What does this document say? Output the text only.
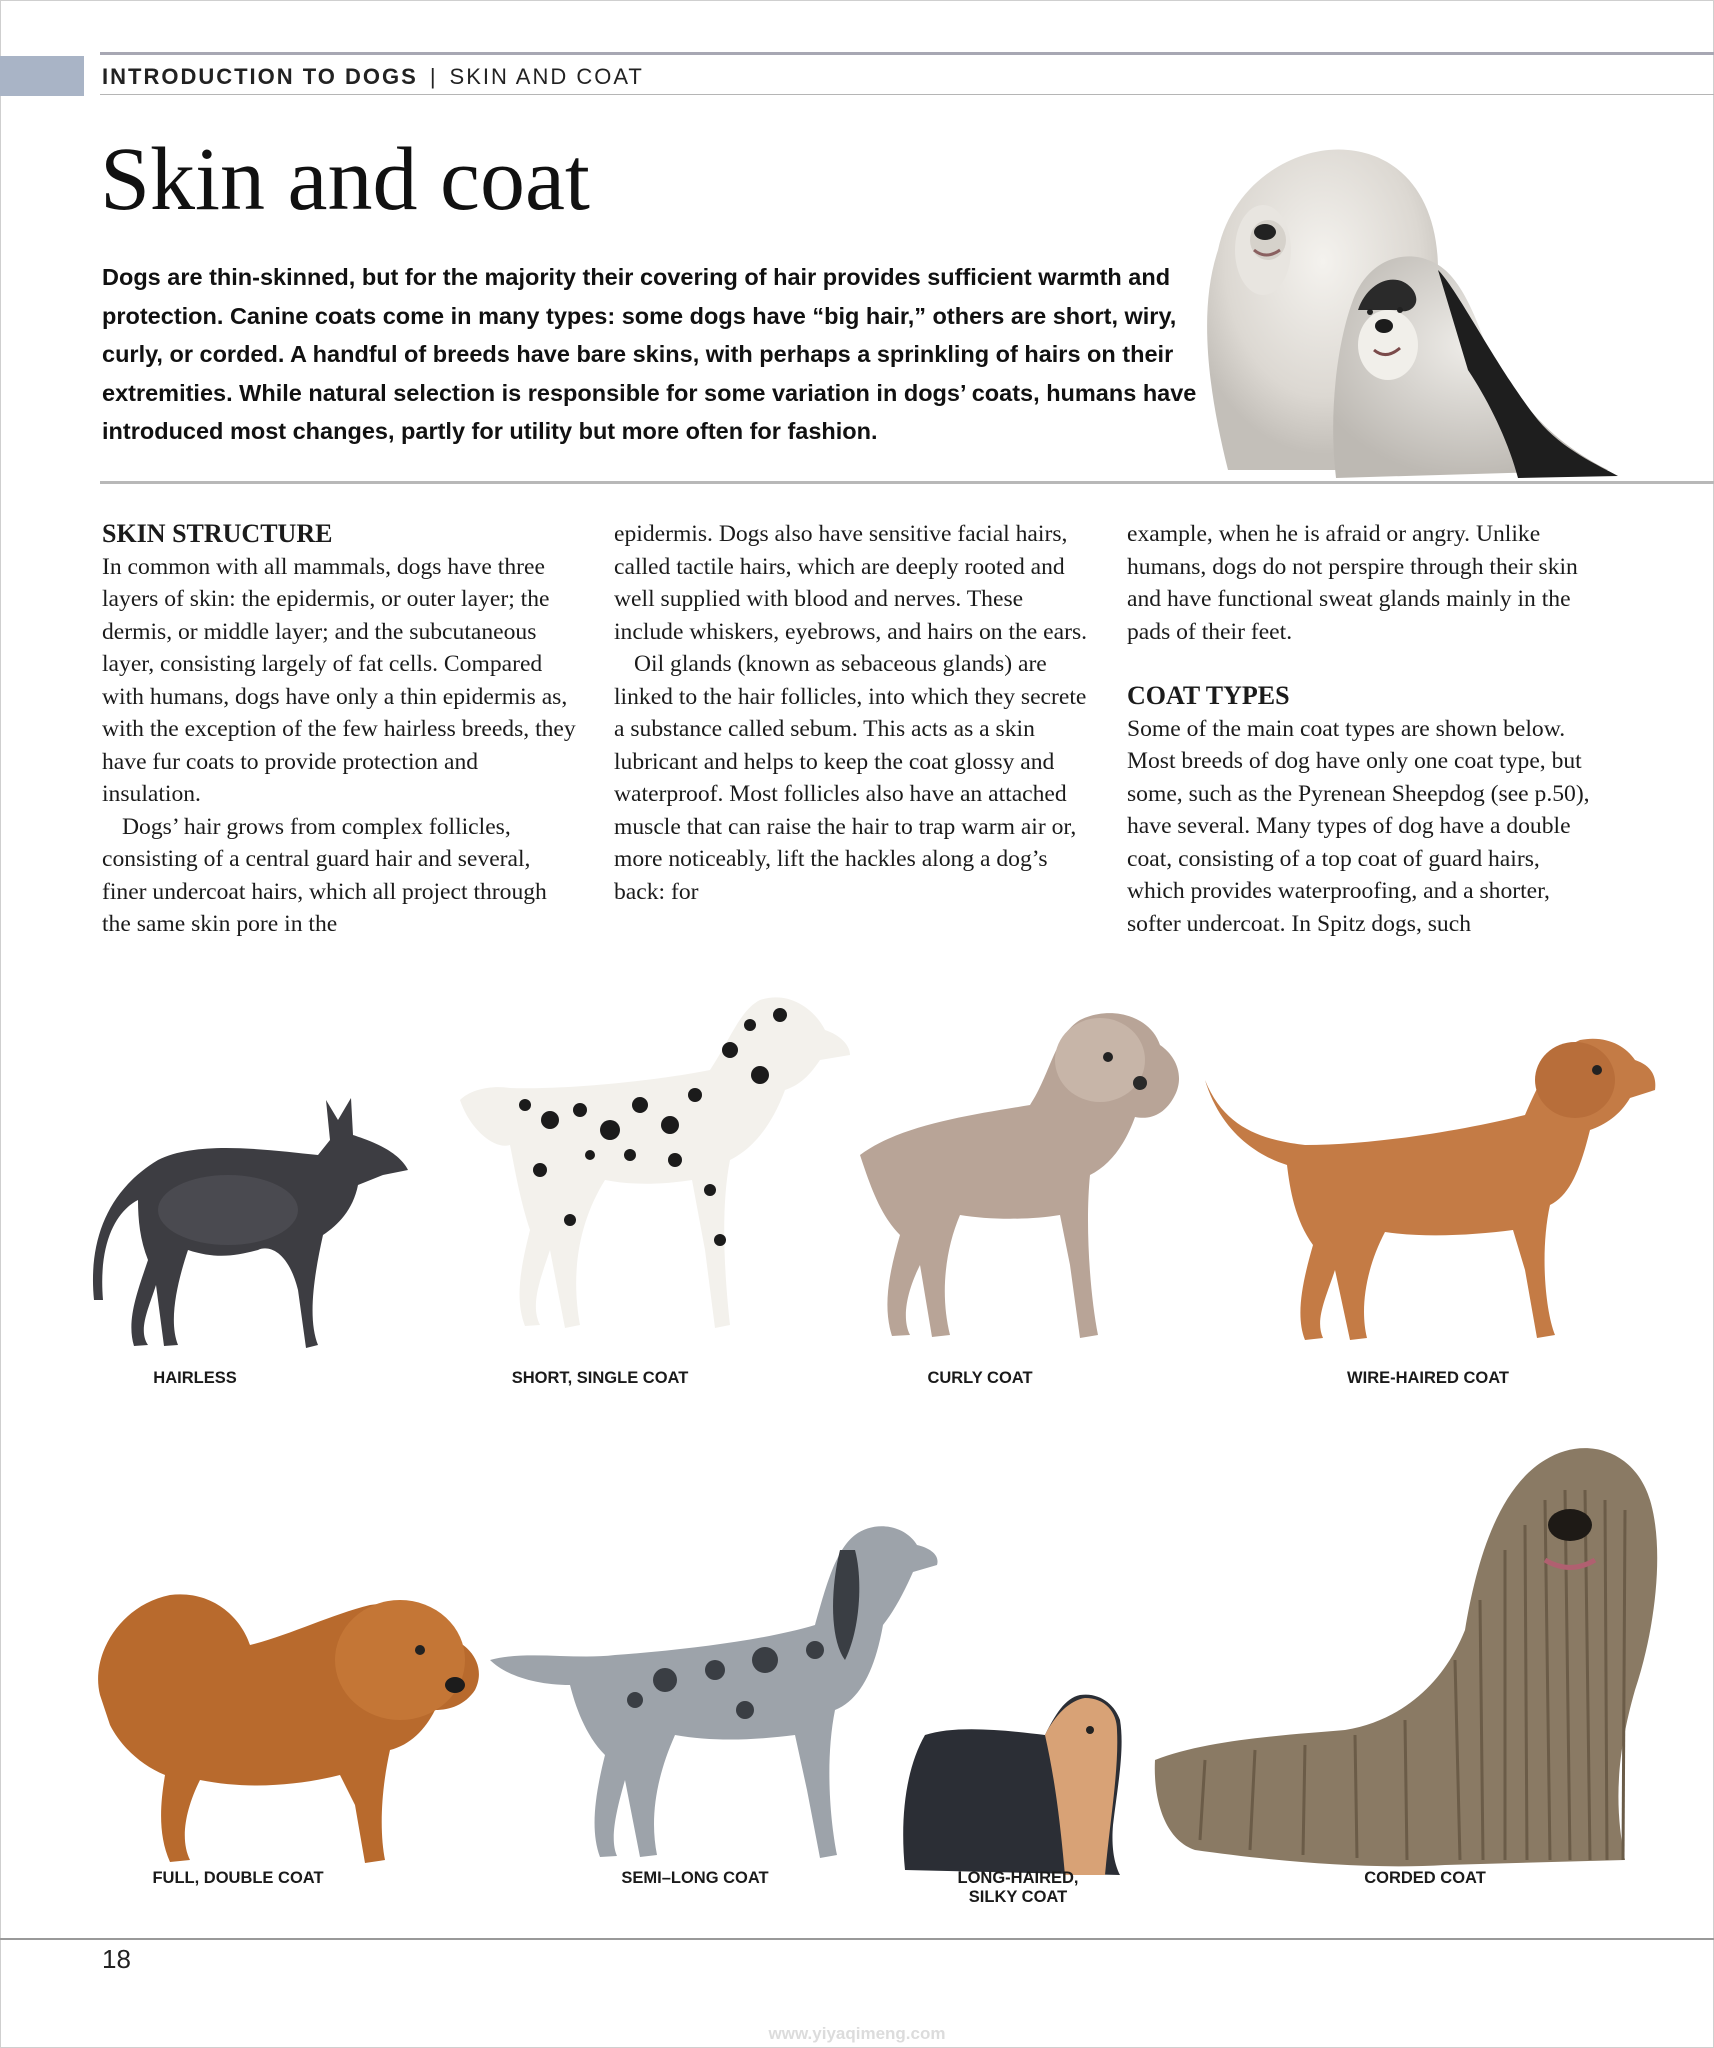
INTRODUCTION TO DOGS | SKIN AND COAT
Skin and coat

Dogs are thin-skinned, but for the majority their covering of hair provides sufficient warmth and protection. Canine coats come in many types: some dogs have “big hair,” others are short, wiry, curly, or corded. A handful of breeds have bare skins, with perhaps a sprinkling of hairs on their extremities. While natural selection is responsible for some variation in dogs’ coats, humans have introduced most changes, partly for utility but more often for fashion.

SKIN STRUCTURE

In common with all mammals, dogs have three layers of skin: the epidermis, or outer layer; the dermis, or middle layer; and the subcutaneous layer, consisting largely of fat cells. Compared with humans, dogs have only a thin epidermis as, with the exception of the few hairless breeds, they have fur coats to provide protection and insulation.

Dogs’ hair grows from complex follicles, consisting of a central guard hair and several, finer undercoat hairs, which all project through the same skin pore in the

epidermis. Dogs also have sensitive facial hairs, called tactile hairs, which are deeply rooted and well supplied with blood and nerves. These include whiskers, eyebrows, and hairs on the ears.

Oil glands (known as sebaceous glands) are linked to the hair follicles, into which they secrete a substance called sebum. This acts as a skin lubricant and helps to keep the coat glossy and waterproof. Most follicles also have an attached muscle that can raise the hair to trap warm air or, more noticeably, lift the hackles along a dog’s back: for

example, when he is afraid or angry. Unlike humans, dogs do not perspire through their skin and have functional sweat glands mainly in the pads of their feet.

COAT TYPES

Some of the main coat types are shown below. Most breeds of dog have only one coat type, but some, such as the Pyrenean Sheepdog (see p.50), have several. Many types of dog have a double coat, consisting of a top coat of guard hairs, which provides waterproofing, and a shorter, softer undercoat. In Spitz dogs, such

HAIRLESS	SHORT, SINGLE COAT	CURLY COAT	WIRE-HAIRED COAT
FULL, DOUBLE COAT	SEMI–LONG COAT	LONG-HAIRED,
SILKY COAT
CORDED COAT
18
www.yiyaqimeng.com
